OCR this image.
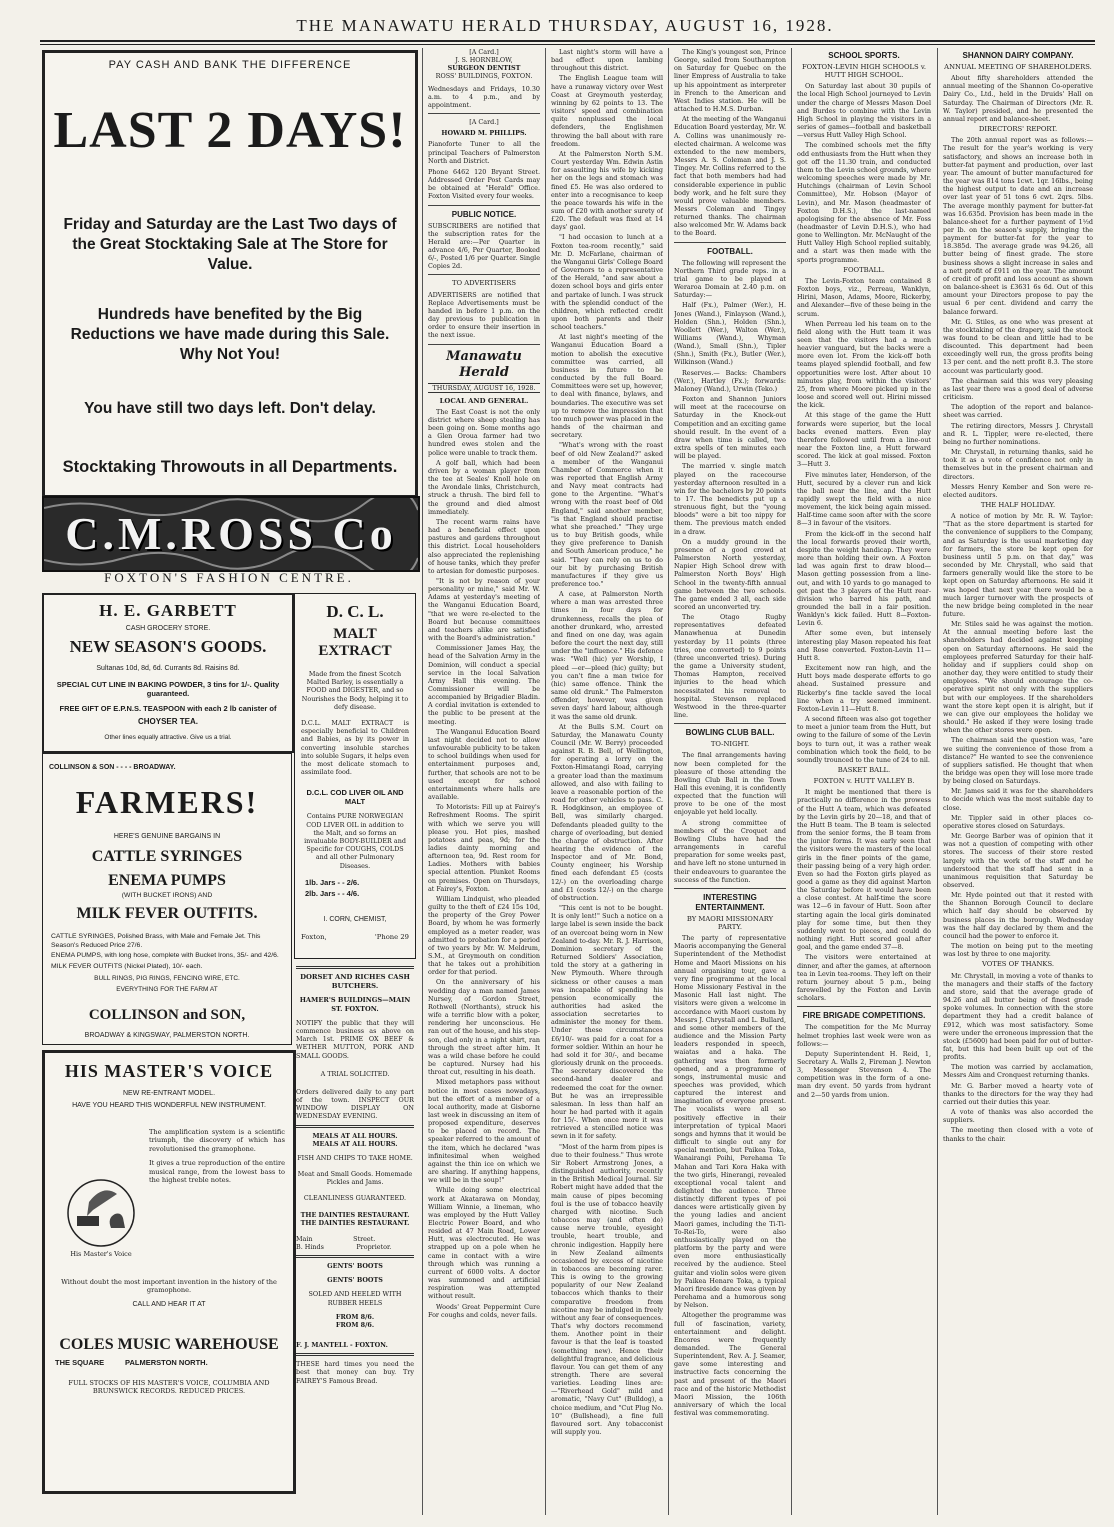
THE MANAWATU HERALD THURSDAY, AUGUST 16, 1928.
PAY CASH AND BANK THE DIFFERENCE
LAST 2 DAYS!
Friday and Saturday are the Last Two days of the Great Stocktaking Sale at The Store for Value.
Hundreds have benefited by the Big Reductions we have made during this Sale. Why Not You!
You have still two days left. Don't delay.
Stocktaking Throwouts in all Departments.
C.M.ROSS Co
FOXTON'S FASHION CENTRE.
H. E. GARBETT
CASH GROCERY STORE.
NEW SEASON'S GOODS.
Sultanas 10d, 8d, 6d. Currants 8d. Raisins 8d.
SPECIAL CUT LINE IN BAKING POWDER, 3 tins for 1/-. Quality guaranteed.
FREE GIFT OF E.P.N.S. TEASPOON with each 2 lb canister of
CHOYSER TEA.
Other lines equally attractive. Give us a trial.
D. C. L.
MALT EXTRACT
Made from the finest Scotch Malted Barley, is essentially a FOOD and DIGESTER, and so Nourishes the Body, helping it to defy disease.
D.C.L. MALT EXTRACT is especially beneficial to Children and Babies, as by its power in converting insoluble starches into soluble Sugars, it helps even the most delicate stomach to assimilate food.
D.C.L. COD LIVER OIL AND MALT
Contains PURE NORWEGIAN COD LIVER OIL in addition to the Malt, and so forms an invaluable BODY-BUILDER and Specific for COUGHS, COLDS and all other Pulmonary Diseases.
1lb. Jars - - 2/6.
2lb. Jars - - 4/6.
I. CORN, CHEMIST,
Foxton,	'Phone 29
COLLINSON & SON - - - - BROADWAY.
FARMERS!
HERE'S GENUINE BARGAINS IN
CATTLE SYRINGES
ENEMA PUMPS
(WITH BUCKET IRONS) AND
MILK FEVER OUTFITS.
CATTLE SYRINGES, Polished Brass, with Male and Female Jet. This Season's Reduced Price 27/6.
ENEMA PUMPS, with long hose, complete with Bucket Irons, 35/- and 42/6.
MILK FEVER OUTFITS (Nickel Plated), 10/- each.
BULL RINGS, PIG RINGS, FENCING WIRE, ETC.
EVERYTHING FOR THE FARM AT
COLLINSON and SON,
BROADWAY & KINGSWAY, PALMERSTON NORTH.
HIS MASTER'S VOICE
NEW RE-ENTRANT MODEL.
HAVE YOU HEARD THIS WONDERFUL NEW INSTRUMENT.
His Master's Voice
The amplification system is a scientific triumph, the discovery of which has revolutionised the gramophone.
It gives a true reproduction of the entire musical range, from the lowest bass to the highest treble notes.
Without doubt the most important invention in the history of the gramophone.
CALL AND HEAR IT AT
COLES MUSIC WAREHOUSE
THE SQUARE          PALMERSTON NORTH.
FULL STOCKS OF HIS MASTER'S VOICE, COLUMBIA AND BRUNSWICK RECORDS. REDUCED PRICES.
DORSET AND RICHES CASH BUTCHERS.
HAMER'S BUILDINGS—MAIN ST. FOXTON.
NOTIFY the public that they will commence business as above on March 1st. PRIME OX BEEF & WETHER MUTTON, PORK AND SMALL GOODS.
A TRIAL SOLICITED.
Orders delivered daily to any part of the town. INSPECT OUR WINDOW DISPLAY ON WEDNESDAY EVENING.
MEALS AT ALL HOURS.
MEALS AT ALL HOURS.
FISH AND CHIPS TO TAKE HOME.
Meat and Small Goods. Homemade Pickles and Jams.
CLEANLINESS GUARANTEED.
THE DAINTIES RESTAURANT.
THE DAINTIES RESTAURANT.
Main                    Street.
B. Hinds                Proprietor.
GENTS' BOOTS
GENTS' BOOTS
SOLED AND HEELED WITH RUBBER HEELS
FROM 8/6.
FROM 8/6.
F. J. MANTELL - FOXTON.
THESE hard times you need the best that money can buy. Try FAIREY'S Famous Bread.
[A Card.]
J. S. HORNBLOW,
SURGEON DENTIST
ROSS' BUILDINGS, FOXTON.
Wednesdays and Fridays, 10.30 a.m. to 4 p.m., and by appointment.
[A Card.]
HOWARD M. PHILLIPS.
Pianoforte Tuner to all the principal Teachers of Palmerston North and District.
Phone 6462 120 Bryant Street. Addressed Order Post Cards may be obtained at "Herald" Office. Foxton Visited every four weeks.
PUBLIC NOTICE.
SUBSCRIBERS are notified that the subscription rates for the Herald are:—Per Quarter in advance 4/6, Per Quarter, Booked 6/-, Posted 1/6 per Quarter. Single Copies 2d.
TO ADVERTISERS
ADVERTISERS are notified that Replace Advertisements must be handed in before 1 p.m. on the day previous to publication in order to ensure their insertion in the next issue.
Manawatu Herald
THURSDAY, AUGUST 16, 1928.
LOCAL AND GENERAL.

The East Coast is not the only district where sheep stealing has been going on. Some months ago a Glen Oroua farmer had two hundred ewes stolen and the police were unable to track them.

A golf ball, which had been driven by a woman player from the tee at Seales' Knoll hole on the Avondale links, Christchurch, struck a thrush. The bird fell to the ground and died almost immediately.

The recent warm rains have had a beneficial effect upon pastures and gardens throughout this district. Local householders also appreciated the replenishing of house tanks, which they prefer to artesian for domestic purposes.

"It is not by reason of your personality or mine," said Mr. W. Adams at yesterday's meeting of the Wanganui Education Board, "that we were re-elected to the Board but because committees and teachers alike are satisfied with the Board's administration."

Commissioner James Hay, the head of the Salvation Army in the Dominion, will conduct a special service in the local Salvation Army Hall this evening. The Commissioner will be accompanied by Brigadier Bladin. A cordial invitation is extended to the public to be present at the meeting.

The Wanganui Education Board last night decided not to allow unfavourable publicity to be taken to school buildings when used for entertainment purposes and, further, that schools are not to be used except for school entertainments where halls are available.

To Motorists: Fill up at Fairey's Refreshment Rooms. The spirit with which we serve you will please you. Hot pies, mashed potatoes and peas, 9d; for the ladies dainty morning and afternoon tea, 9d. Rest room for Ladies. Mothers with babies special attention. Plunket Rooms on premises. Open on Thursdays, at Fairey's, Foxton.

William Lindquist, who pleaded guilty to the theft of £24 15s 10d, the property of the Grey Power Board, by whom he was formerly employed as a meter reader, was admitted to probation for a period of two years by Mr. W. Meldrum, S.M., at Greymouth on condition that he takes out a prohibition order for that period.

On the anniversary of his wedding day a man named James Nursey, of Gordon Street, Rothwell (Northants), struck his wife a terrific blow with a poker, rendering her unconscious. He ran out of the house, and his step-son, clad only in a night shirt, ran through the street after him. It was a wild chase before he could be captured. Nursey had his throat cut, resulting in his death.

Mixed metaphors pass without notice in most cases nowadays, but the effort of a member of a local authority, made at Gisborne last week in discussing an item of proposed expenditure, deserves to be placed on record. The speaker referred to the amount of the item, which he declared "was infinitesimal when weighed against the thin ice on which we are sharing. If anything happens, we will be in the soup!"

While doing some electrical work at Akatarawa on Monday, William Winnie, a lineman, who was employed by the Hutt Valley Electric Power Board, and who resided at 47 Main Road, Lower Hutt, was electrocuted. He was strapped up on a pole when he came in contact with a wire through which was running a current of 6000 volts. A doctor was summoned and artificial respiration was attempted without result.

Woods' Great Peppermint Cure For coughs and colds, never fails.

Last night's storm will have a bad effect upon lambing throughout this district.

The English League team will have a runaway victory over West Coast at Greymouth yesterday, winning by 62 points to 13. The visitors' speed and combination quite nonplussed the local defenders, the Englishmen throwing the ball about with rare freedom.

At the Palmerston North S.M. Court yesterday Wm. Edwin Astin for assaulting his wife by kicking her on the legs and stomach was fined £5. He was also ordered to enter into a recognisance to keep the peace towards his wife in the sum of £20 with another surety of £20. The default was fixed at 14 days' gaol.

"I had occasion to lunch at a Foxton tea-room recently," said Mr. D. McFarlane, chairman of the Wanganui Girls' College Board of Governors to a representative of the Herald, "and saw about a dozen school boys and girls enter and partake of lunch. I was struck with the splendid conduct of the children, which reflected credit upon both parents and their school teachers."

At last night's meeting of the Wanganui Education Board a motion to abolish the executive committee was carried, all business in future to be conducted by the full Board. Committees were set up, however, to deal with finance, bylaws, and boundaries. The executive was set up to remove the impression that too much power was placed in the hands of the chairman and secretary.

"What's wrong with the roast beef of old New Zealand?" asked a member of the Wanganui Chamber of Commerce when it was reported that English Army and Navy meat contracts had gone to the Argentine. "What's wrong with the roast beef of Old England," said another member, "is that England should practise what she preached." "They urge us to buy British goods, while they give preference to Danish and South American produce," he said. "They can rely on us to do our bit by purchasing British manufactures if they give us preference too."

A case, at Palmerston North where a man was arrested three times in four days for drunkenness, recalls the plea of another drunkard, who, arrested and fined on one day, was again before the court the next day, still under the "influence." His defence was: "Well (hic) yer Worship, I pleed —er—pleed (hic) guilty; but you can't fine a man twice for (hic) same offence. Think the same old drunk." The Palmerston offender, however, was given seven days' hard labour, although it was the same old drunk.

At the Bulls S.M. Court on Saturday, the Manawatu County Council (Mr. W. Berry) proceeded against R. B. Bell, of Wellington, for operating a lorry on the Foxton-Himatangi Road, carrying a greater load than the maximum allowed, and also with failing to leave a reasonable portion of the road for other vehicles to pass. C. R. Hodgkinson, an employee of Bell, was similarly charged. Defendants pleaded guilty to the charge of overloading, but denied the charge of obstruction. After hearing the evidence of the Inspector and of Mr. Bond, County engineer, his Worship fined each defendant £5 (costs 12/-) on the overloading charge and £1 (costs 12/-) on the charge of obstruction.

"This cent is not to be bought. It is only lent!" Such a notice on a large label is sewn inside the back of an overcoat being worn in New Zealand to-day. Mr. R. J. Harrison, Dominion secretary of the Returned Soldiers' Association, told the story at a gathering in New Plymouth. Where through sickness or other causes a man was incapable of spending his pension economically the authorities had asked the association secretaries to administer the money for them. Under these circumstances £6/10/- was paid for a coat for a former soldier. Within an hour he had sold it for 30/-, and became gloriously drunk on the proceeds. The secretary discovered the second-hand dealer and redeemed the coat for the owner. But he was an irrepressible salesman. In less than half an hour he had parted with it again for 15/-. When once more it was retrieved a stencilled notice was sewn in it for safety.

"Most of the harm from pipes is due to their foulness." Thus wrote Sir Robert Armstrong Jones, a distinguished authority, recently in the British Medical Journal. Sir Robert might have added that the main cause of pipes becoming foul is the use of tobacco heavily charged with nicotine. Such tobaccos may (and often do) cause nerve trouble, eyesight trouble, heart trouble, and chronic indigestion. Happily here in New Zealand ailments occasioned by excess of nicotine in tobaccos are becoming rarer. This is owing to the growing popularity of our New Zealand tobaccos which thanks to their comparative freedom from nicotine may be indulged in freely without any fear of consequences. That's why doctors recommend them. Another point in their favour is that the leaf is toasted (something new). Hence their delightful fragrance, and delicious flavour. You can get them of any strength. There are several varieties. Leading lines are:—"Riverhead Gold" mild and aromatic, "Navy Cut" (Bulldog), a choice medium, and "Cut Plug No. 10" (Bullshead), a fine full flavoured sort. Any tobacconist will supply you.

The King's youngest son, Prince George, sailed from Southampton on Saturday for Quebec on the liner Empress of Australia to take up his appointment as interpreter in French to the American and West Indies station. He will be attached to H.M.S. Durban.

At the meeting of the Wanganui Education Board yesterday, Mr. W. A. Collins was unanimously re-elected chairman. A welcome was extended to the new members, Messrs A. S. Coleman and J. S. Tingey. Mr. Collins referred to the fact that both members had had considerable experience in public body work, and he felt sure they would prove valuable members. Messrs Coleman and Tingey returned thanks. The chairman also welcomed Mr. W. Adams back to the Board.

FOOTBALL.

The following will represent the Northern Third grade reps. in a trial game to be played at Weraroa Domain at 2.40 p.m. on Saturday:—

Half (Fx.), Palmer (Wer.), H. Jones (Wand.), Finlayson (Wand.), Holden (Shn.), Holden (Shn.), Woollett (Wer.), Walton (Wer.), Williams (Wand.), Whyman (Wand.), Small (Shn.), Tipler (Shn.), Smith (Fx.), Butler (Wer.), Wilkinson (Wand.)

Reserves.— Backs: Chambers (Wer.), Hartley (Fx.); forwards: Maloney (Wand.), Urwin (Teko.)

Foxton and Shannon Juniors will meet at the racecourse on Saturday in the Knock-out Competition and an exciting game should result. In the event of a draw when time is called, two extra spells of ten minutes each will be played.

The married v. single match played on the racecourse yesterday afternoon resulted in a win for the bachelors by 20 points to 17. The benedicts put up a strenuous fight, but the "young bloods" were a bit too nippy for them. The previous match ended in a draw.

On a muddy ground in the presence of a good crowd at Palmerston North yesterday, Napier High School drew with Palmerston North Boys' High School in the twenty-fifth annual game between the two schools. The game ended 3 all, each side scored an unconverted try.

The Otago Rugby representatives defeated Manawhenua at Dunedin yesterday by 11 points (three tries, one converted) to 9 points (three unconverted tries). During the game a University student, Thomas Hampton, received injuries to the head which necessitated his removal to hospital. Stevenson replaced Westwood in the three-quarter line.

BOWLING CLUB BALL.
TO-NIGHT.

The final arrangements having now been completed for the pleasure of those attending the Bowling Club Ball in the Town Hall this evening, it is confidently expected that the function will prove to be one of the most enjoyable yet held locally.

A strong committee of members of the Croquet and Bowling Clubs have had the arrangements in careful preparation for some weeks past, and have left no stone unturned in their endeavours to guarantee the success of the function.

INTERESTING ENTERTAINMENT.
BY MAORI MISSIONARY PARTY.

The party of representative Maoris accompanying the General Superintendent of the Methodist Home and Maori Missions on his annual organising tour, gave a very fine programme at the local Home Missionary Festival in the Masonic Hall last night. The visitors were given a welcome in accordance with Maori custom by Messrs J. Chrystall and L. Bullard, and some other members of the audience and the Mission Party leaders responded in speech, waiatas and a haka. The gathering was then formerly opened, and a programme of songs, instrumental music and speeches was provided, which captured the interest and imagination of everyone present. The vocalists were all so positively effective in their interpretation of typical Maori songs and hymns that it would be difficult to single out any for special mention, but Paikea Toka, Wanairangi Poihi, Perehama Te Mahan and Tari Kora Haka with the two girls, Hinerangi, revealed exceptional vocal talent and delighted the audience. Three distinctly different types of poi dances were artistically given by the young ladies and ancient Maori games, including the Ti-Ti-To-Rei-To, were also enthusiastically played on the platform by the party and were even more enthusiastically received by the audience. Steel guitar and violin solos were given by Paikea Henare Toka, a typical Maori fireside dance was given by Perehama and a humorous song by Nelson.

Altogether the programme was full of fascination, variety, entertainment and delight. Encores were frequently demanded. The General Superintendent, Rev. A. J. Seamer, gave some interesting and instructive facts concerning the past and present of the Maori race and of the historic Methodist Maori Mission, the 106th anniversary of which the local festival was commemorating.

SCHOOL SPORTS.
FOXTON-LEVIN HIGH SCHOOLS v. HUTT HIGH SCHOOL.

On Saturday last about 30 pupils of the local High School journeyed to Levin under the charge of Messrs Mason Doel and Burdes to combine with the Levin High School in playing the visitors in a series of games—football and basketball—versus Hutt Valley High School.

The combined schools met the fifty odd enthusiasts from the Hutt when they got off the 11.30 train, and conducted them to the Levin school grounds, where welcoming speeches were made by Mr. Hutchings (chairman of Levin School Committee), Mr. Hobson (Mayor of Levin), and Mr. Mason (headmaster of Foxton D.H.S.), the last-named apologising for the absence of Mr. Foss (headmaster of Levin D.H.S.), who had gone to Wellington. Mr. McNaught of the Hutt Valley High School replied suitably, and a start was then made with the sports programme.

FOOTBALL.

The Levin-Foxton team contained 8 Foxton boys, viz., Perreau, Wanklyn, Hirini, Mason, Adams, Moore, Rickerby, and Alexander—five of these being in the scrum.

When Perreau led his team on to the field along with the Hutt team it was seen that the visitors had a much heavier vanguard, but the backs were a more even lot. From the kick-off both teams played splendid football, and few opportunities were lost. After about 10 minutes play, from within the visitors' 25, from where Moore picked up in the loose and scored well out. Hirini missed the kick.

At this stage of the game the Hutt forwards were superior, but the local backs evened matters. Even play therefore followed until from a line-out near the Foxton line, a Hutt forward scored. The kick at goal missed. Foxton 3—Hutt 3.

Five minutes later, Henderson, of the Hutt, secured by a clever run and kick the ball near the line, and the Hutt rapidly swept the field with a nice movement, the kick being again missed. Half-time came soon after with the score 8—3 in favour of the visitors.

From the kick-off in the second half the local forwards proved their worth, despite the weight handicap. They were more than holding their own. A Foxton lad was again first to draw blood—Mason getting possession from a line-out, and with 10 yards to go managed to get past the 3 players of the Hutt rear-division who barred his path, and grounded the ball in a fair position. Wanklyn's kick failed. Hutt 8—Foxton-Levin 6.

After some even, but intensely interesting play Mason repeated his feat and Rose converted. Foxton-Levin 11—Hutt 8.

Excitement now ran high, and the Hutt boys made desperate efforts to go ahead. Sustained pressure and Rickerby's fine tackle saved the local line when a try seemed imminent. Foxton-Levin 11—Hutt 8.

A second fifteen was also got together to meet a junior team from the Hutt, but owing to the failure of some of the Levin boys to turn out, it was a rather weak combination which took the field, to be soundly trounced to the tune of 24 to nil.

BASKET BALL.
FOXTON v. HUTT VALLEY B.

It might be mentioned that there is practically no difference in the prowess of the Hutt A team, which was defeated by the Levin girls by 20—18, and that of the Hutt B team. The B team is selected from the senior forms, the B team from the junior forms. It was early seen that the visitors were the masters of the local girls in the finer points of the game, their passing being of a very high order. Even so had the Foxton girls played as good a game as they did against Marton the Saturday before it would have been a close contest. At half-time the score was 12—6 in favour of Hutt. Soon after starting again the local girls dominated play for some time, but then they suddenly went to pieces, and could do nothing right. Hutt scored goal after goal, and the game ended 37—8.

The visitors were entertained at dinner, and after the games, at afternoon tea in Levin tea-rooms. They left on their return journey about 5 p.m., being farewelled by the Foxton and Levin scholars.

FIRE BRIGADE COMPETITIONS.

The competition for the Mc Murray helmet trophies last week were won as follows:—

Deputy Superintendent H. Reid, 1, Secretary A. Walls 2, Fireman J. Newton 3, Messenger Stevenson 4. The competition was in the form of a one-man dry event. 50 yards from hydrant and 2—50 yards from union.

SHANNON DAIRY COMPANY.
ANNUAL MEETING OF SHAREHOLDERS.

About fifty shareholders attended the annual meeting of the Shannon Co-operative Dairy Co., Ltd., held in the Druids' Hall on Saturday. The Chairman of Directors (Mr. R. W. Taylor) presided, and he presented the annual report and balance-sheet.

DIRECTORS' REPORT.

The 20th annual report was as follows:—The result for the year's working is very satisfactory, and shows an increase both in butter-fat payment and production, over last year. The amount of butter manufactured for the year was 814 tons 1cwt. 1qr. 16lbs., being the highest output to date and an increase over last year of 51 tons 6 cwt. 2qrs. 5lbs. The average monthly payment for butter-fat was 16.635d. Provision has been made in the balance-sheet for a further payment of 1½d per lb. on the season's supply, bringing the payment for butter-fat for the year to 18.385d. The average grade was 94.26, all butter being of finest grade. The store business shows a slight increase in sales and a nett profit of £911 on the year. The amount of credit of profit and loss account as shown on balance-sheet is £3631 6s 6d. Out of this amount your Directors propose to pay the usual 6 per cent. dividend and carry the balance forward.

Mr. G. Stiles, as one who was present at the stocktaking of the drapery, said the stock was found to be clean and little had to be discounted. This department had been exceedingly well run, the gross profits being 13 per cent. and the nett profit 8.3. The store account was particularly good.

The chairman said this was very pleasing as last year there was a good deal of adverse criticism.

The adoption of the report and balance-sheet was carried.

The retiring directors, Messrs J. Chrystall and R. L. Tippler, were re-elected, there being no further nominations.

Mr. Chrystall, in returning thanks, said he took it as a vote of confidence not only in themselves but in the present chairman and directors.

Messrs Henry Kember and Son were re-elected auditors.

THE HALF HOLIDAY.

A notice of motion by Mr. R. W. Taylor: "That as the store department is started for the convenience of suppliers to the Company, and as Saturday is the usual marketing day for farmers, the store be kept open for business until 5 p.m. on that day," was seconded by Mr. Chrystall, who said that farmers generally would like the store to be kept open on Saturday afternoons. He said it was hoped that next year there would be a much larger turnover with the prospects of the new bridge being completed in the near future.

Mr. Stiles said he was against the motion. At the annual meeting before last the shareholders had decided against keeping open on Saturday afternoons. He said the employees preferred Saturday for their half-holiday and if suppliers could shop on another day, they were entitled to study their employees. "We should encourage the co-operative spirit not only with the suppliers but with our employees. If the shareholders want the store kept open it is alright, but if we can give our employees the holiday we should." He asked if they were losing trade when the other stores were open.

The chairman said the question was, "are we suiting the convenience of those from a distance?" He wanted to see the convenience of suppliers satisfied. He thought that when the bridge was open they will lose more trade by being closed on Saturdays.

Mr. James said it was for the shareholders to decide which was the most suitable day to close.

Mr. Tippler said in other places co-operative stores closed on Saturdays.

Mr. George Barber was of opinion that it was not a question of competing with other stores. The success of their store rested largely with the work of the staff and he understood that the staff had sent in a unanimous requisition that Saturday be observed.

Mr. Hyde pointed out that it rested with the Shannon Borough Council to declare which half day should be observed by business places in the borough. Wednesday was the half day declared by them and the council had the power to enforce it.

The motion on being put to the meeting was lost by three to one majority.

VOTES OF THANKS.

Mr. Chrystall, in moving a vote of thanks to the managers and their staffs of the factory and store, said that the average grade of 94.26 and all butter being of finest grade spoke volumes. In connection with the store department they had a credit balance of £912, which was most satisfactory. Some were under the erroneous impression that the stock (£5600) had been paid for out of butter-fat, but this had been built up out of the profits.

The motion was carried by acclamation, Messrs Aim and Cronquest returning thanks.

Mr. G. Barber moved a hearty vote of thanks to the directors for the way they had carried out their duties this year.

A vote of thanks was also accorded the suppliers.

The meeting then closed with a vote of thanks to the chair.
